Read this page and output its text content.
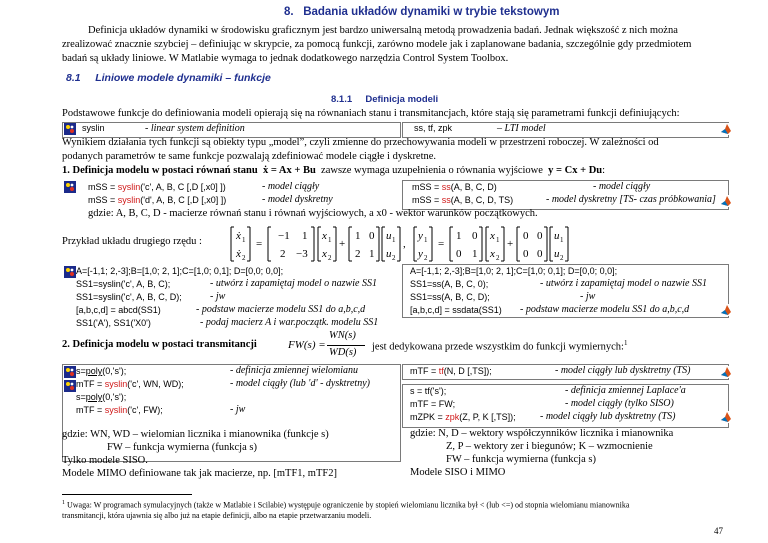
8. Badania układów dynamiki w trybie tekstowym
Definicja układów dynamiki w środowisku graficznym jest bardzo uniwersalną metodą prowadzenia badań. Jednak większość z nich można
zrealizować znacznie szybciej – definiując w skrypcie, za pomocą funkcji, zarówno modele jak i zaplanowane badania, szczególnie gdy przedmiotem
badań są układy liniowe. W Matlabie wymaga to jednak dodatkowego narzędzia Control System Toolbox.
8.1 Liniowe modele dynamiki – funkcje
8.1.1 Definicja modeli
Podstawowe funkcje do definiowania modeli opierają się na równaniach stanu i transmitancjach, które stają się parametrami funkcji definiujących:
syslin	- linear system definition	ss, tf, zpk	– LTI model
Wynikiem działania tych funkcji są obiekty typu „model”, czyli zmienne do przechowywania modeli w przestrzeni roboczej. W zależności od
podanych parametrów te same funkcje pozwalają zdefiniować modele ciągłe i dyskretne.
1. Definicja modelu w postaci równań stanu ẋ = Ax + Bu zawsze wymaga uzupełnienia o równania wyjściowe y = Cx + Du:
mSS = syslin('c', A, B, C [,D [,x0] ])	- model ciągły
mSS = syslin('d', A, B, C [,D [,x0] ])	- model dyskretny
mSS = ss(A, B, C, D)	- model ciągły
mSS = ss(A, B, C, D, TS)	- model dyskretny [TS- czas próbkowania]
gdzie: A, B, C, D - macierze równań stanu i równań wyjściowych, a x0 - wektor warunków początkowych.
Przykład układu drugiego rzędu :	ẋ 1
ẋ 2
=
−1 1
2 −3
x 1
x 2
+
1 0
2 1
u 1
u 2
,
y 1
y 2
=
1 0
0 1
x 1
x 2
+
0 0
0 0
u 1
u 2
A=[-1,1; 2,-3];B=[1,0; 2, 1];C=[1,0; 0,1]; D=[0,0; 0,0];
SS1=syslin('c', A, B, C);	- utwórz i zapamiętaj model o nazwie SS1
SS1=syslin('c', A, B, C, D);	- jw
[a,b,c,d] = abcd(SS1)	- podstaw macierze modelu SS1 do a,b,c,d
SS1('A'), SS1('X0')	- podaj macierz A i war.początk. modelu SS1
A=[-1,1; 2,-3];B=[1,0; 2, 1];C=[1,0; 0,1]; D=[0,0; 0,0];
SS1=ss(A, B, C, 0);	- utwórz i zapamiętaj model o nazwie SS1
SS1=ss(A, B, C, D);	- jw
[a,b,c,d] = ssdata(SS1) - podstaw macierze modelu SS1 do a,b,c,d
2. Definicja modelu w postaci transmitancji	FW(s) =
WN(s)
WD(s) jest dedykowana przede wszystkim do funkcji wymiernych:$^1$
s=poly(0,'s');	- definicja zmiennej wielomianu
mTF = syslin('c', WN, WD);	- model ciągły (lub 'd' - dysktretny)
s=poly(0,'s');
mTF = syslin('c', FW);	- jw
mTF = tf(N, D [,TS]);	- model ciągły lub dysktretny (TS)
s = tf('s');	- definicja zmiennej Laplace'a
mTF = FW;	- model ciągły (tylko SISO)
mZPK = zpk(Z, P, K [,TS]); - model ciągły lub dysktretny (TS)
gdzie: WN, WD – wielomian licznika i mianownika (funkcje s)
FW – funkcja wymierna (funkcja s)
Tylko modele SISO.
Modele MIMO definiowane tak jak macierze, np. [mTF1, mTF2]
gdzie: N, D – wektory współczynników licznika i mianownika
Z, P – wektory zer i biegunów; K – wzmocnienie
FW – funkcja wymierna (funkcja s)
Modele SISO i MIMO
$^1$ Uwaga: W programach symulacyjnych (także w Matlabie i Scilabie) występuje ograniczenie by stopień wielomianu licznika był < (lub <=) od stopnia wielomianu mianownika
transmitancji, która ujawnia się albo już na etapie definicji, albo na etapie przetwarzaniu modeli.
47
